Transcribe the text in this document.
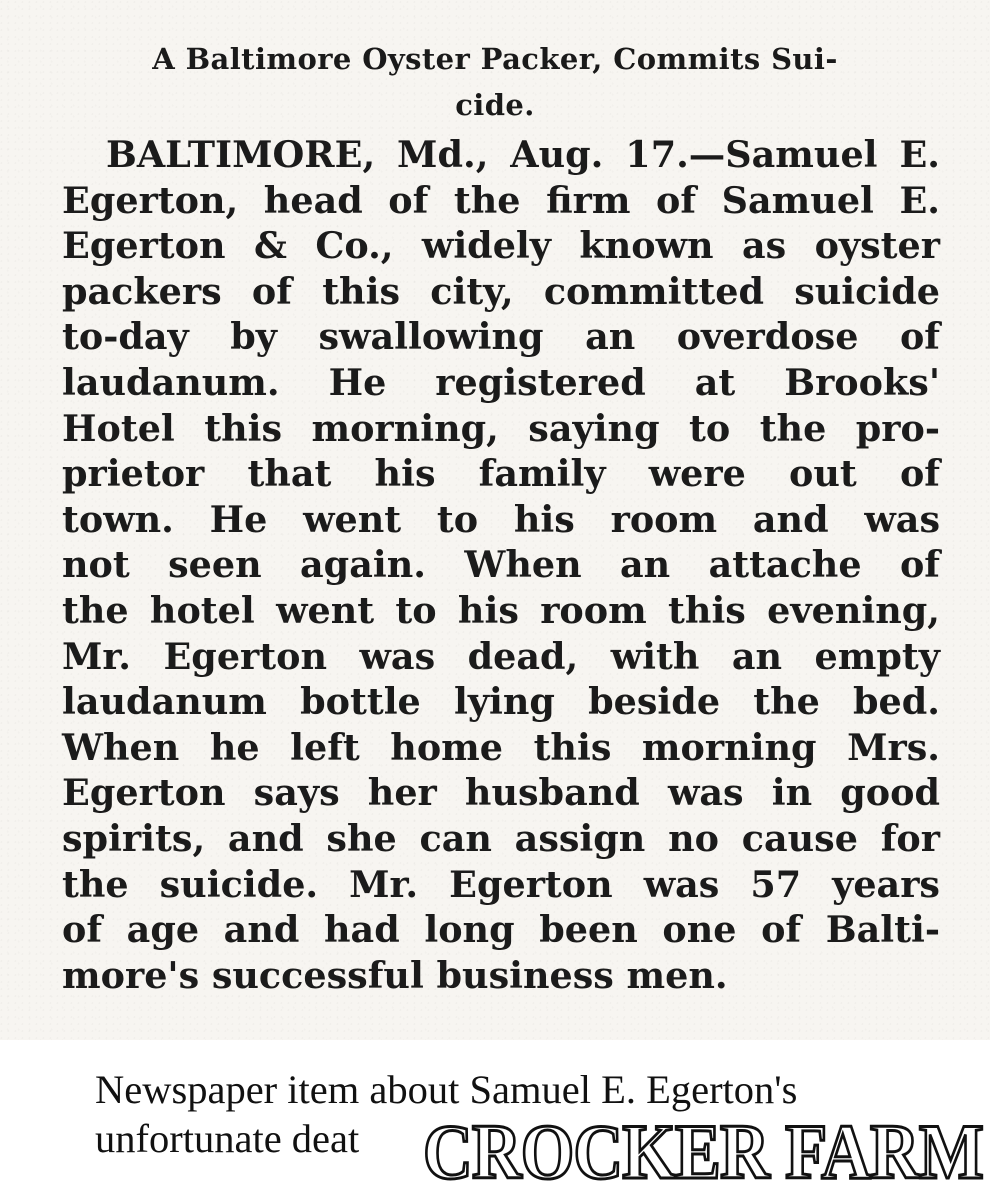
A Baltimore Oyster Packer, Commits Sui-
cide.
BALTIMORE, Md., Aug. 17.—Samuel E.
Egerton, head of the firm of Samuel E.
Egerton & Co., widely known as oyster
packers of this city, committed suicide
to-day by swallowing an overdose of
laudanum. He registered at Brooks'
Hotel this morning, saying to the pro-
prietor that his family were out of
town. He went to his room and was
not seen again. When an attache of
the hotel went to his room this evening,
Mr. Egerton was dead, with an empty
laudanum bottle lying beside the bed.
When he left home this morning Mrs.
Egerton says her husband was in good
spirits, and she can assign no cause for
the suicide. Mr. Egerton was 57 years
of age and had long been one of Balti-
more's successful business men.
Newspaper item about Samuel E. Egerton's
unfortunate deat CROCKER FARM
